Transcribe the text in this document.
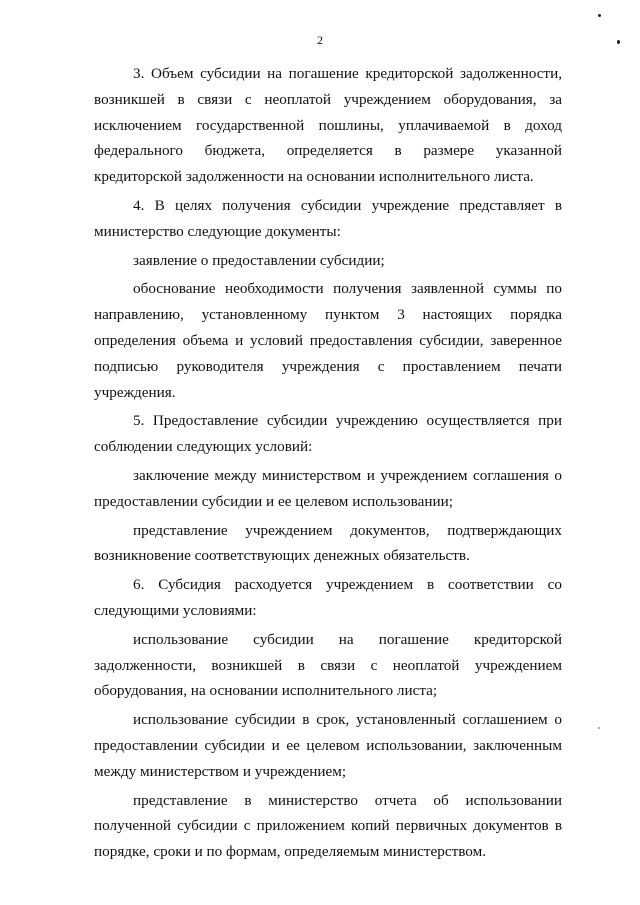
2

3. Объем субсидии на погашение кредиторской задолженности, возникшей в связи с неоплатой учреждением оборудования, за исключением государственной пошлины, уплачиваемой в доход федерального бюджета, определяется в размере указанной кредиторской задолженности на основании исполнительного листа.

4. В целях получения субсидии учреждение представляет в министерство следующие документы:

заявление о предоставлении субсидии;

обоснование необходимости получения заявленной суммы по направлению, установленному пунктом 3 настоящих порядка определения объема и условий предоставления субсидии, заверенное подписью руководителя учреждения с проставлением печати учреждения.

5. Предоставление субсидии учреждению осуществляется при соблюдении следующих условий:

заключение между министерством и учреждением соглашения о предоставлении субсидии и ее целевом использовании;

представление учреждением документов, подтверждающих возникновение соответствующих денежных обязательств.

6. Субсидия расходуется учреждением в соответствии со следующими условиями:

использование субсидии на погашение кредиторской задолженности, возникшей в связи с неоплатой учреждением оборудования, на основании исполнительного листа;

использование субсидии в срок, установленный соглашением о предоставлении субсидии и ее целевом использовании, заключенным между министерством и учреждением;

представление в министерство отчета об использовании полученной субсидии с приложением копий первичных документов в порядке, сроки и по формам, определяемым министерством.
